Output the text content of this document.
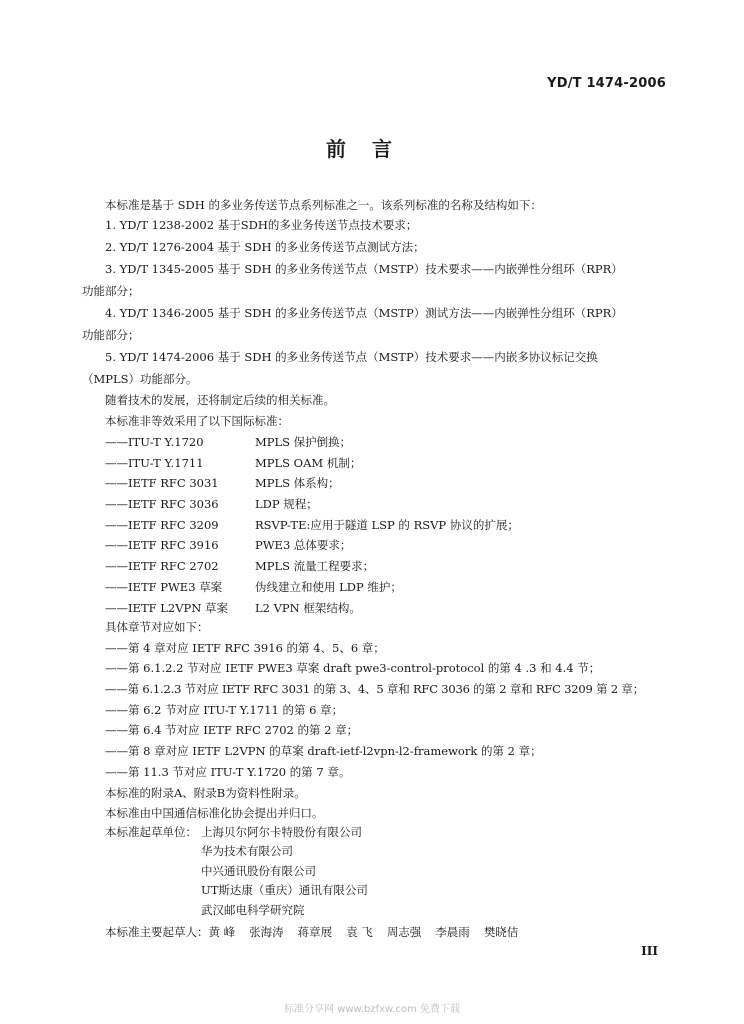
YD/T 1474-2006
前言
本标准是基于 SDH 的多业务传送节点系列标准之一。该系列标准的名称及结构如下：
1. YD/T 1238-2002 基于SDH的多业务传送节点技术要求；
2. YD/T 1276-2004 基于 SDH 的多业务传送节点测试方法；
3. YD/T 1345-2005 基于 SDH 的多业务传送节点（MSTP）技术要求——内嵌弹性分组环（RPR）
功能部分；
4. YD/T 1346-2005 基于 SDH 的多业务传送节点（MSTP）测试方法——内嵌弹性分组环（RPR）
功能部分；
5. YD/T 1474-2006 基于 SDH 的多业务传送节点（MSTP）技术要求——内嵌多协议标记交换
（MPLS）功能部分。
随着技术的发展，还将制定后续的相关标准。
本标准非等效采用了以下国际标准：
——ITU-T Y.1720	MPLS 保护倒换；
——ITU-T Y.1711	MPLS OAM 机制；
——IETF RFC 3031	MPLS 体系构；
——IETF RFC 3036	LDP 规程；
——IETF RFC 3209	RSVP-TE:应用于隧道 LSP 的 RSVP 协议的扩展；
——IETF RFC 3916	PWE3 总体要求；
——IETF RFC 2702	MPLS 流量工程要求；
——IETF PWE3 草案	伪线建立和使用 LDP 维护；
——IETF L2VPN 草案	L2 VPN 框架结构。
具体章节对应如下：
——第 4 章对应 IETF RFC 3916 的第 4、5、6 章；
——第 6.1.2.2 节对应 IETF PWE3 草案 draft pwe3-control-protocol 的第 4 .3 和 4.4 节；
——第 6.1.2.3 节对应 IETF RFC 3031 的第 3、4、5 章和 RFC 3036 的第 2 章和 RFC 3209 第 2 章；
——第 6.2 节对应 ITU-T Y.1711 的第 6 章；
——第 6.4 节对应 IETF RFC 2702 的第 2 章；
——第 8 章对应 IETF L2VPN 的草案 draft-ietf-l2vpn-l2-framework 的第 2 章；
——第 11.3 节对应 ITU-T Y.1720 的第 7 章。
本标准的附录A、附录B为资料性附录。
本标准由中国通信标准化协会提出并归口。
本标准起草单位： 上海贝尔阿尔卡特股份有限公司
华为技术有限公司
中兴通讯股份有限公司
UT斯达康（重庆）通讯有限公司
武汉邮电科学研究院
本标准主要起草人： 黄 峰 张海涛 蒋章展 袁 飞 周志强 李晨雨 樊晓佶
III
标准分享网 www.bzfxw.com 免费下载
